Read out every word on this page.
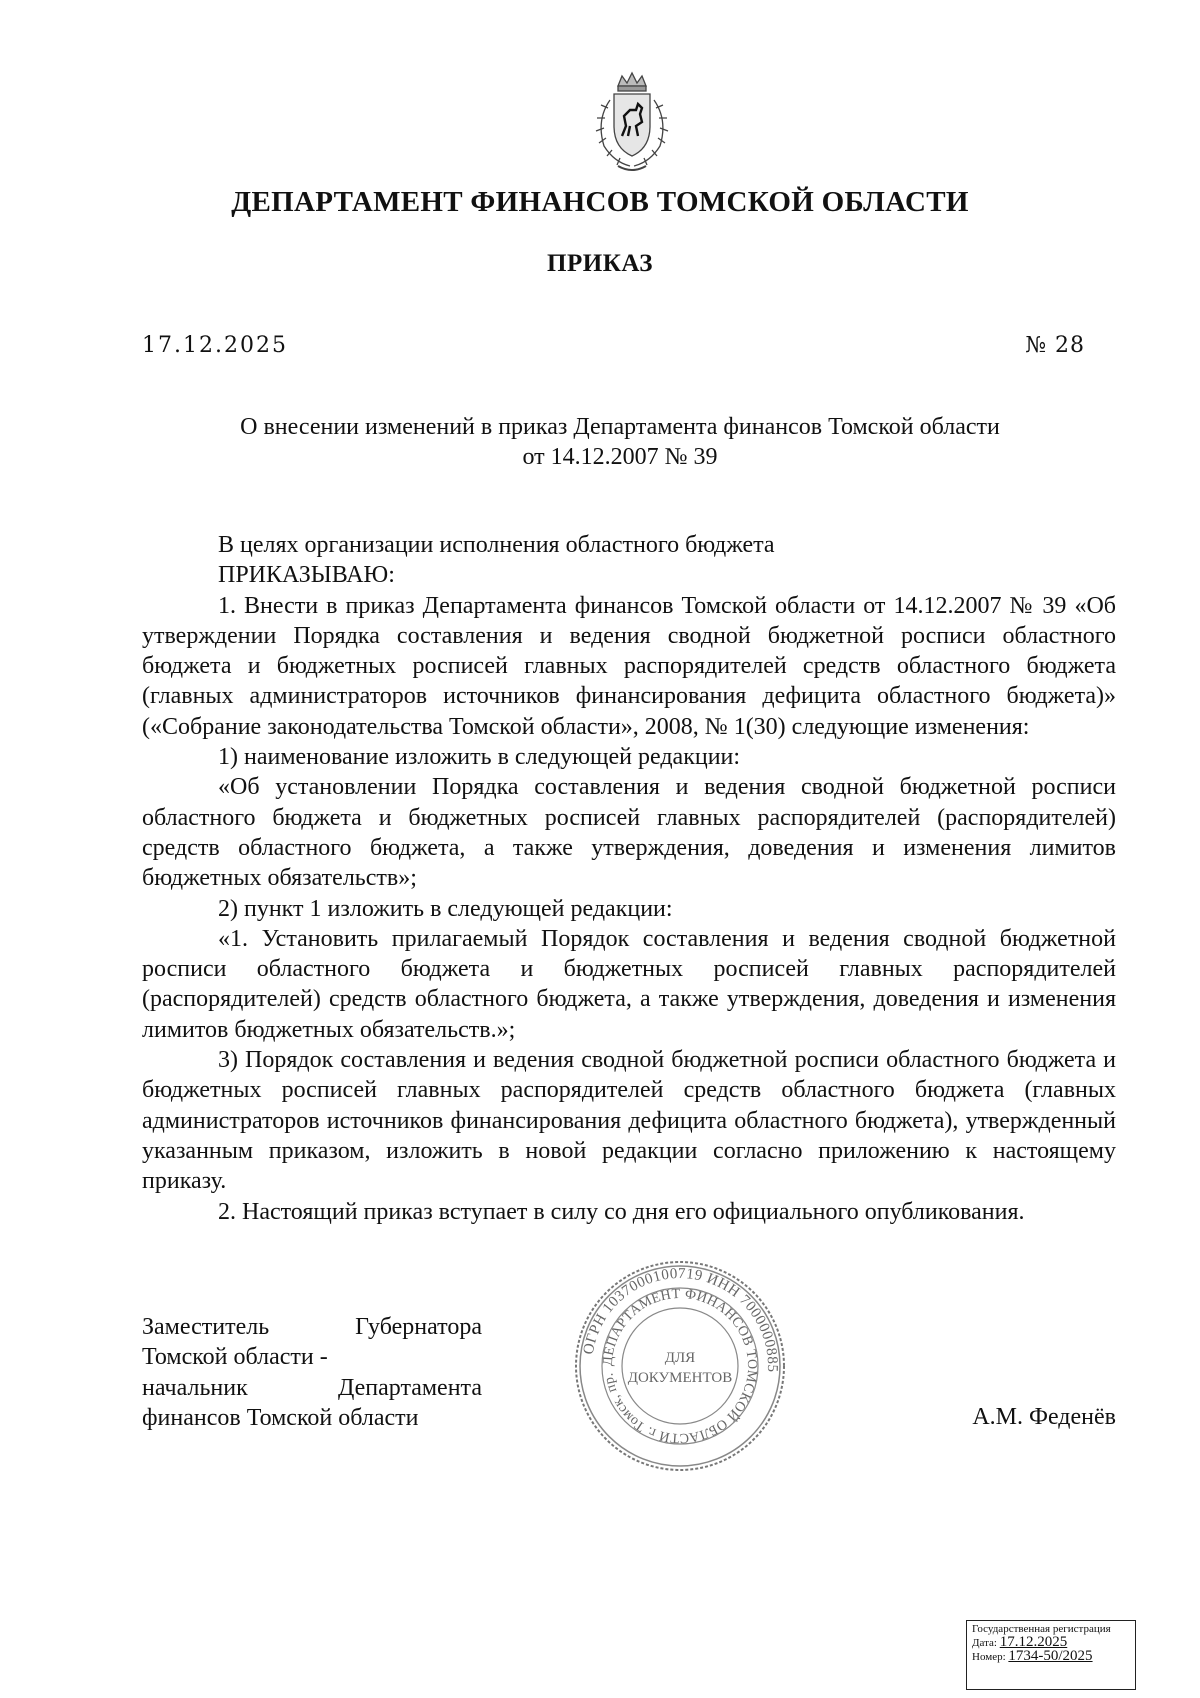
ДЕПАРТАМЕНТ ФИНАНСОВ ТОМСКОЙ ОБЛАСТИ
ПРИКАЗ
17.12.2025	№ 28
О внесении изменений в приказ Департамента финансов Томской области
от 14.12.2007 № 39

В целях организации исполнения областного бюджета

ПРИКАЗЫВАЮ:

1. Внести в приказ Департамента финансов Томской области от 14.12.2007 № 39 «Об утверждении Порядка составления и ведения сводной бюджетной росписи областного бюджета и бюджетных росписей главных распорядителей средств областного бюджета (главных администраторов источников финансирования дефицита областного бюджета)» («Собрание законодательства Томской области», 2008, № 1(30) следующие изменения:

1) наименование изложить в следующей редакции:

«Об установлении Порядка составления и ведения сводной бюджетной росписи областного бюджета и бюджетных росписей главных распорядителей (распорядителей) средств областного бюджета, а также утверждения, доведения и изменения лимитов бюджетных обязательств»;

2) пункт 1 изложить в следующей редакции:

«1. Установить прилагаемый Порядок составления и ведения сводной бюджетной росписи областного бюджета и бюджетных росписей главных распорядителей (распорядителей) средств областного бюджета, а также утверждения, доведения и изменения лимитов бюджетных обязательств.»;

3) Порядок составления и ведения сводной бюджетной росписи областного бюджета и бюджетных росписей главных распорядителей средств областного бюджета (главных администраторов источников финансирования дефицита областного бюджета), утвержденный указанным приказом, изложить в новой редакции согласно приложению к настоящему приказу.

2. Настоящий приказ вступает в силу со дня его официального опубликования.

Заместитель Губернатора
Томской области -
начальник Департамента
финансов Томской области
ОГРН 1037000100719 ИНН 7000000885
ДЕПАРТАМЕНТ ФИНАНСОВ ТОМСКОЙ ОБЛАСТИ г. Томск, пр.
ДЛЯ
ДОКУМЕНТОВ
А.М. Феденёв
Государственная регистрация
Дата: 17.12.2025
Номер: 1734-50/2025
